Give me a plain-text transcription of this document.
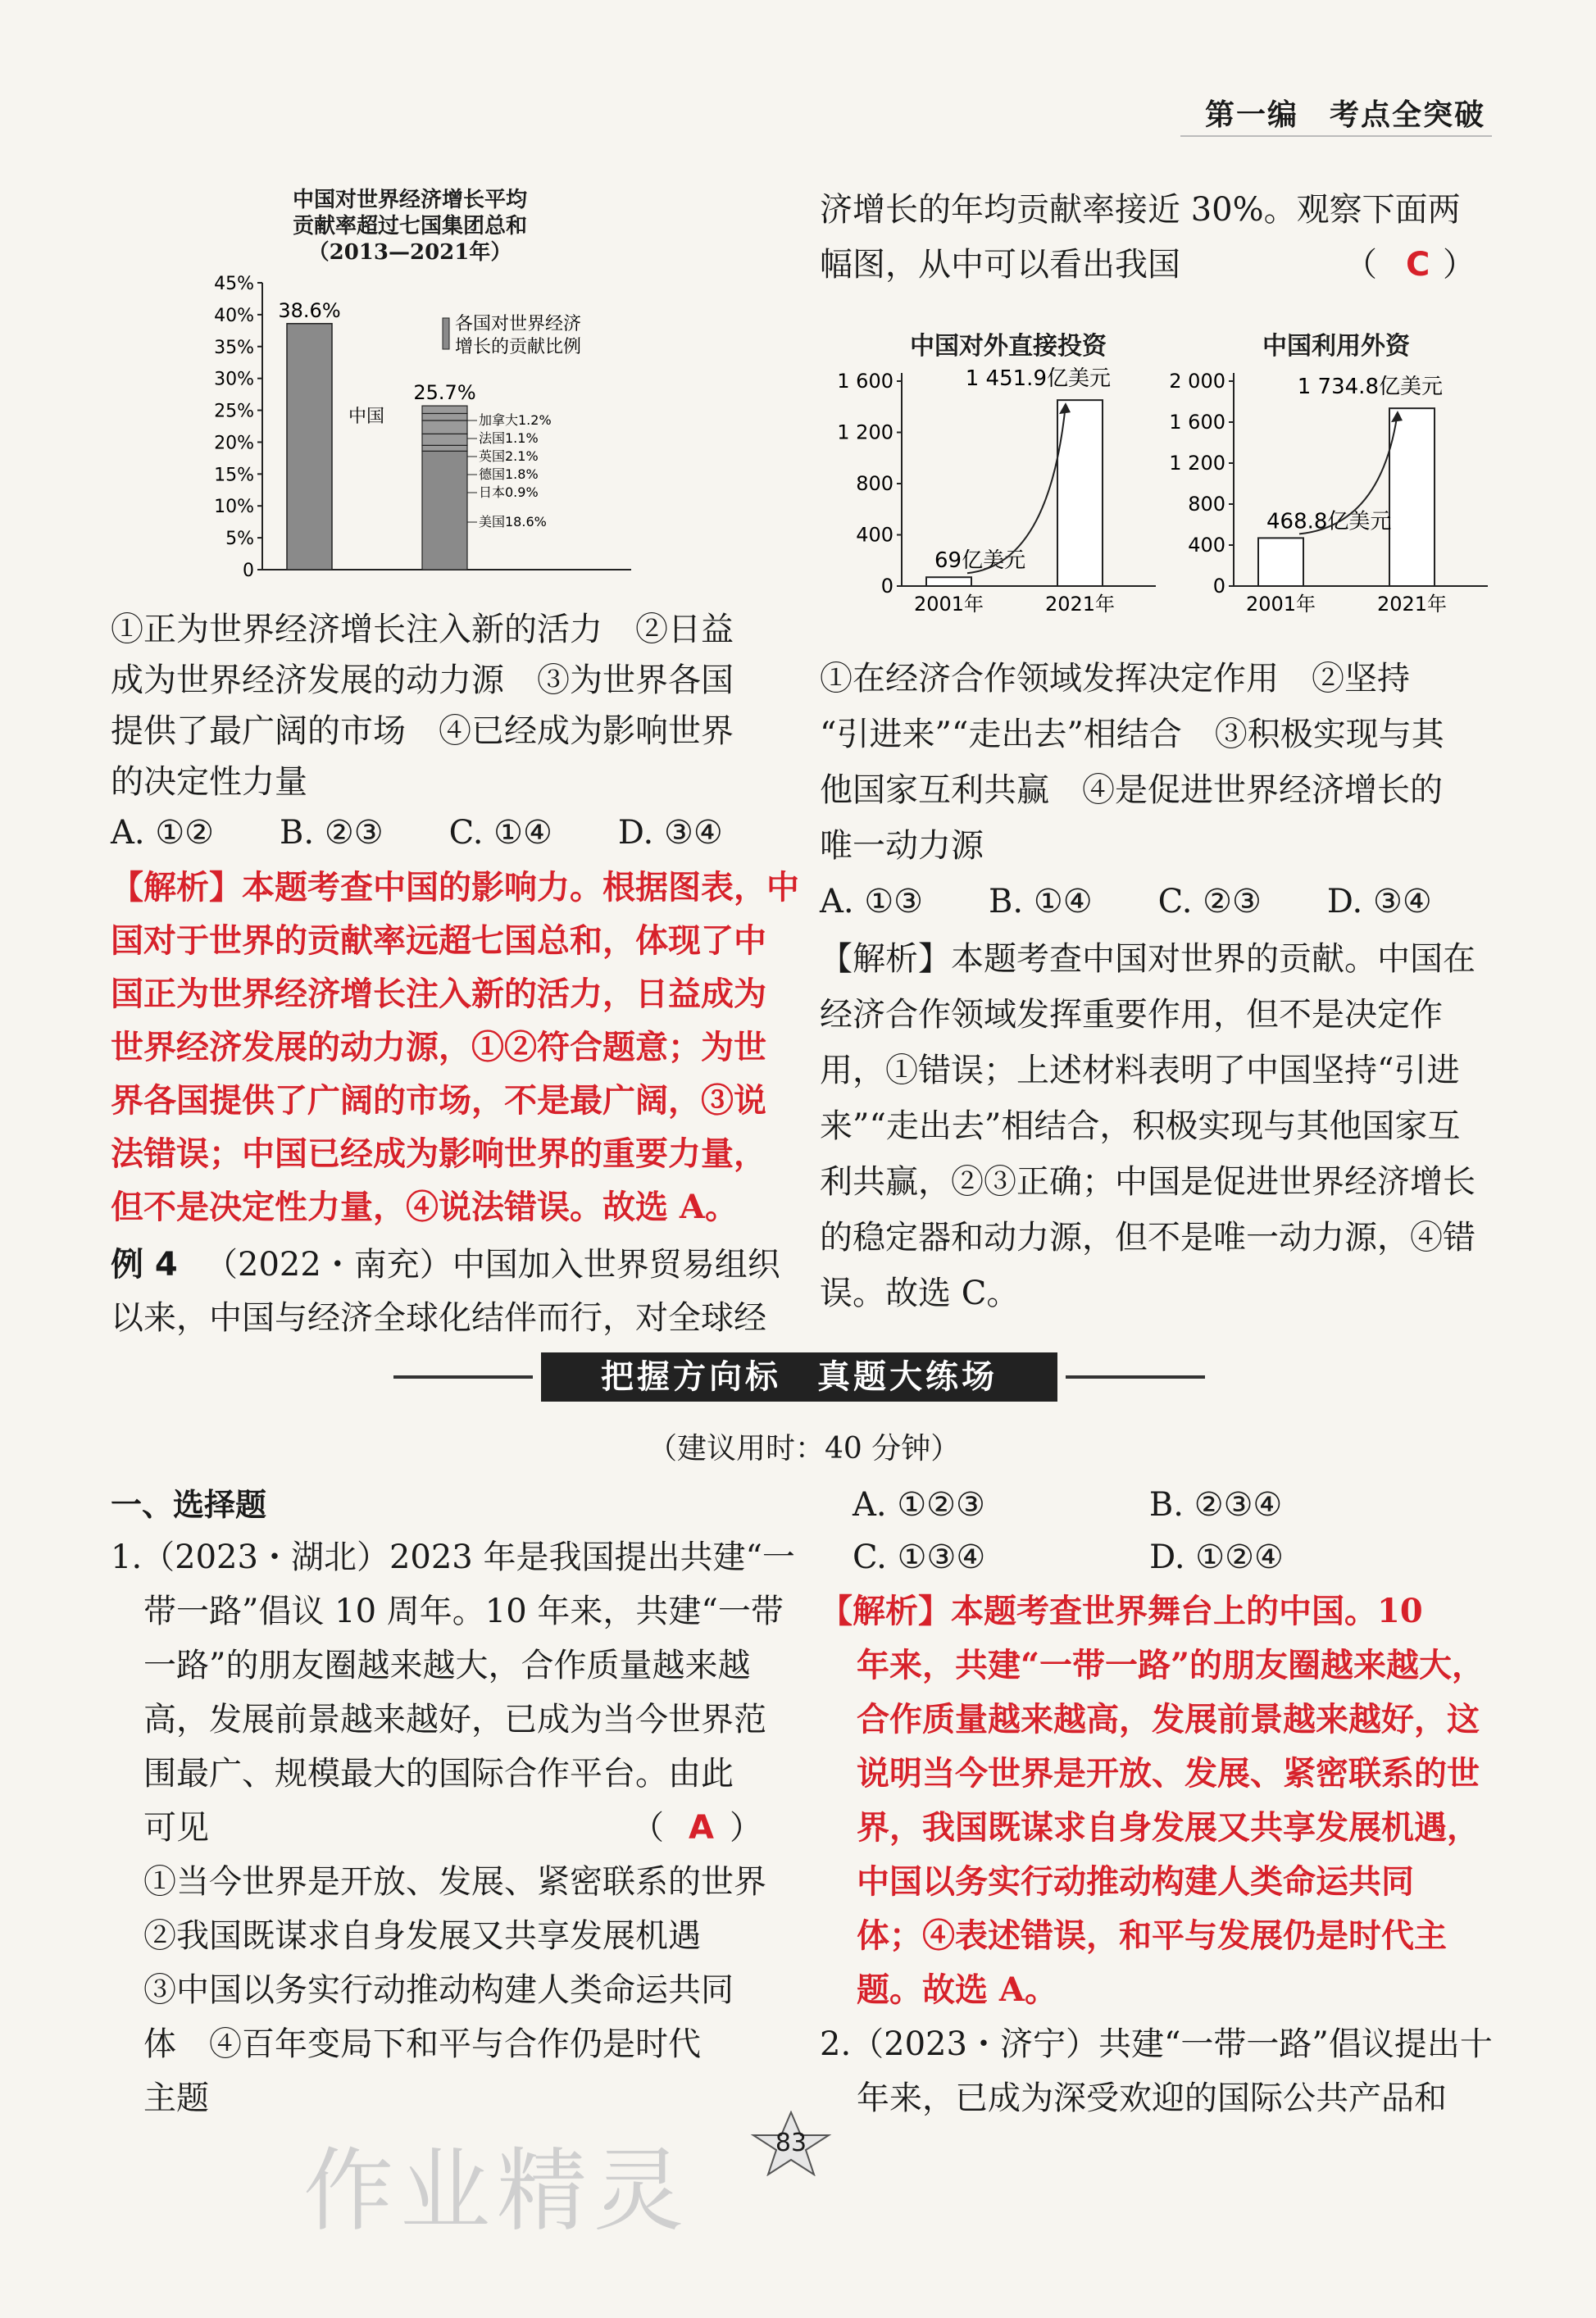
第一编　考点全突破
中国对世界经济增长平均
贡献率超过七国集团总和
（2013—2021年）
0
5%
10%
15%
20%
25%
30%
35%
40%
45%
38.6%
中国
25.7%
加拿大1.2%
法国1.1%
英国2.1%
德国1.8%
日本0.9%
美国18.6%
各国对世界经济
增长的贡献比例	中国对外直接投资	中国利用外资
0
400
800
1 200
1 600
2001年	2021年
69亿美元
1 451.9亿美元
0
400
800
1 200
1 600
2 000
2001年	2021年
468.8亿美元
1 734.8亿美元
①正为世界经济增长注入新的活力　②日益
成为世界经济发展的动力源　③为世界各国
提供了最广阔的市场　④已经成为影响世界
的决定性力量
A. ①②　　B. ②③　　C. ①④　　D. ③④
【解析】本题考查中国的影响力。根据图表，中
国对于世界的贡献率远超七国总和，体现了中
国正为世界经济增长注入新的活力，日益成为
世界经济发展的动力源，①②符合题意；为世
界各国提供了广阔的市场，不是最广阔，③说
法错误；中国已经成为影响世界的重要力量，
但不是决定性力量，④说法错误。故选 A。
例 4 （2022・南充）中国加入世界贸易组织
以来，中国与经济全球化结伴而行，对全球经
济增长的年均贡献率接近 30%。观察下面两
幅图，从中可以看出我国	（ C ）
①在经济合作领域发挥决定作用　②坚持
“引进来”“走出去”相结合　③积极实现与其
他国家互利共赢　④是促进世界经济增长的
唯一动力源
A. ①③　　B. ①④　　C. ②③　　D. ③④
【解析】本题考查中国对世界的贡献。中国在
经济合作领域发挥重要作用，但不是决定作
用，①错误；上述材料表明了中国坚持“引进
来”“走出去”相结合，积极实现与其他国家互
利共赢，②③正确；中国是促进世界经济增长
的稳定器和动力源，但不是唯一动力源，④错
误。故选 C。
把握方向标　真题大练场
（建议用时：40 分钟）
一、选择题
1.（2023・湖北）2023 年是我国提出共建“一
带一路”倡议 10 周年。10 年来，共建“一带
一路”的朋友圈越来越大，合作质量越来越
高，发展前景越来越好，已成为当今世界范
围最广、规模最大的国际合作平台。由此
可见	（ A ）
①当今世界是开放、发展、紧密联系的世界
②我国既谋求自身发展又共享发展机遇
③中国以务实行动推动构建人类命运共同
体　④百年变局下和平与合作仍是时代
主题
A. ①②③　　　　　B. ②③④
C. ①③④　　　　　D. ①②④
【解析】本题考查世界舞台上的中国。10
年来，共建“一带一路”的朋友圈越来越大，
合作质量越来越高，发展前景越来越好，这
说明当今世界是开放、发展、紧密联系的世
界，我国既谋求自身发展又共享发展机遇，
中国以务实行动推动构建人类命运共同
体；④表述错误，和平与发展仍是时代主
题。故选 A。
2.（2023・济宁）共建“一带一路”倡议提出十
年来，已成为深受欢迎的国际公共产品和
作业精灵	83
